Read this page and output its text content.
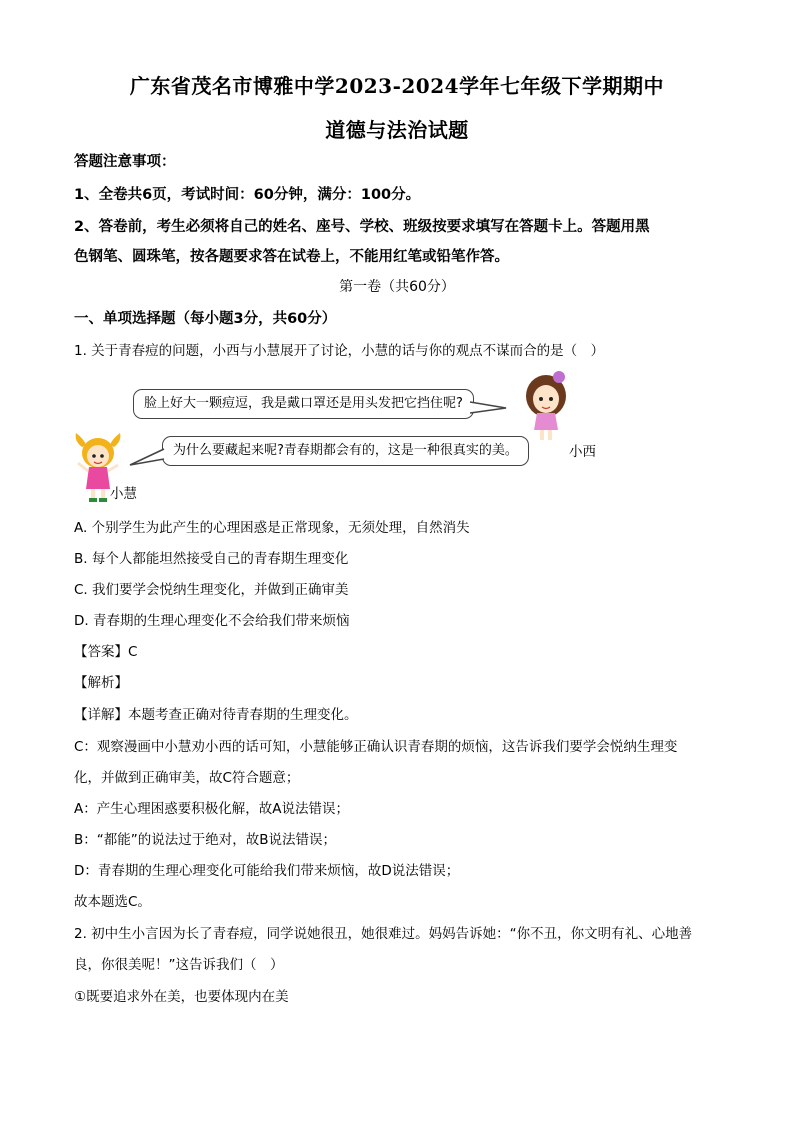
广东省茂名市博雅中学2023-2024学年七年级下学期期中
道德与法治试题
答题注意事项：
1、全卷共6页，考试时间：60分钟，满分：100分。
2、答卷前，考生必须将自己的姓名、座号、学校、班级按要求填写在答题卡上。答题用黑
色钢笔、圆珠笔，按各题要求答在试卷上，不能用红笔或铅笔作答。
第一卷（共60分）
一、单项选择题（每小题3分，共60分）
1. 关于青春痘的问题，小西与小慧展开了讨论，小慧的话与你的观点不谋而合的是（　）
脸上好大一颗痘逗，我是戴口罩还是用头发把它挡住呢?
为什么要藏起来呢?青春期都会有的，这是一种很真实的美。	小西
小慧
A. 个别学生为此产生的心理困惑是正常现象，无须处理，自然消失
B. 每个人都能坦然接受自己的青春期生理变化
C. 我们要学会悦纳生理变化，并做到正确审美
D. 青春期的生理心理变化不会给我们带来烦恼
【答案】C
【解析】
【详解】本题考查正确对待青春期的生理变化。
C：观察漫画中小慧劝小西的话可知，小慧能够正确认识青春期的烦恼，这告诉我们要学会悦纳生理变
化，并做到正确审美，故C符合题意；
A：产生心理困惑要积极化解，故A说法错误；
B：“都能”的说法过于绝对，故B说法错误；
D：青春期的生理心理变化可能给我们带来烦恼，故D说法错误；
故本题选C。
2. 初中生小言因为长了青春痘，同学说她很丑，她很难过。妈妈告诉她：“你不丑，你文明有礼、心地善
良，你很美呢！”这告诉我们（　）
①既要追求外在美，也要体现内在美
